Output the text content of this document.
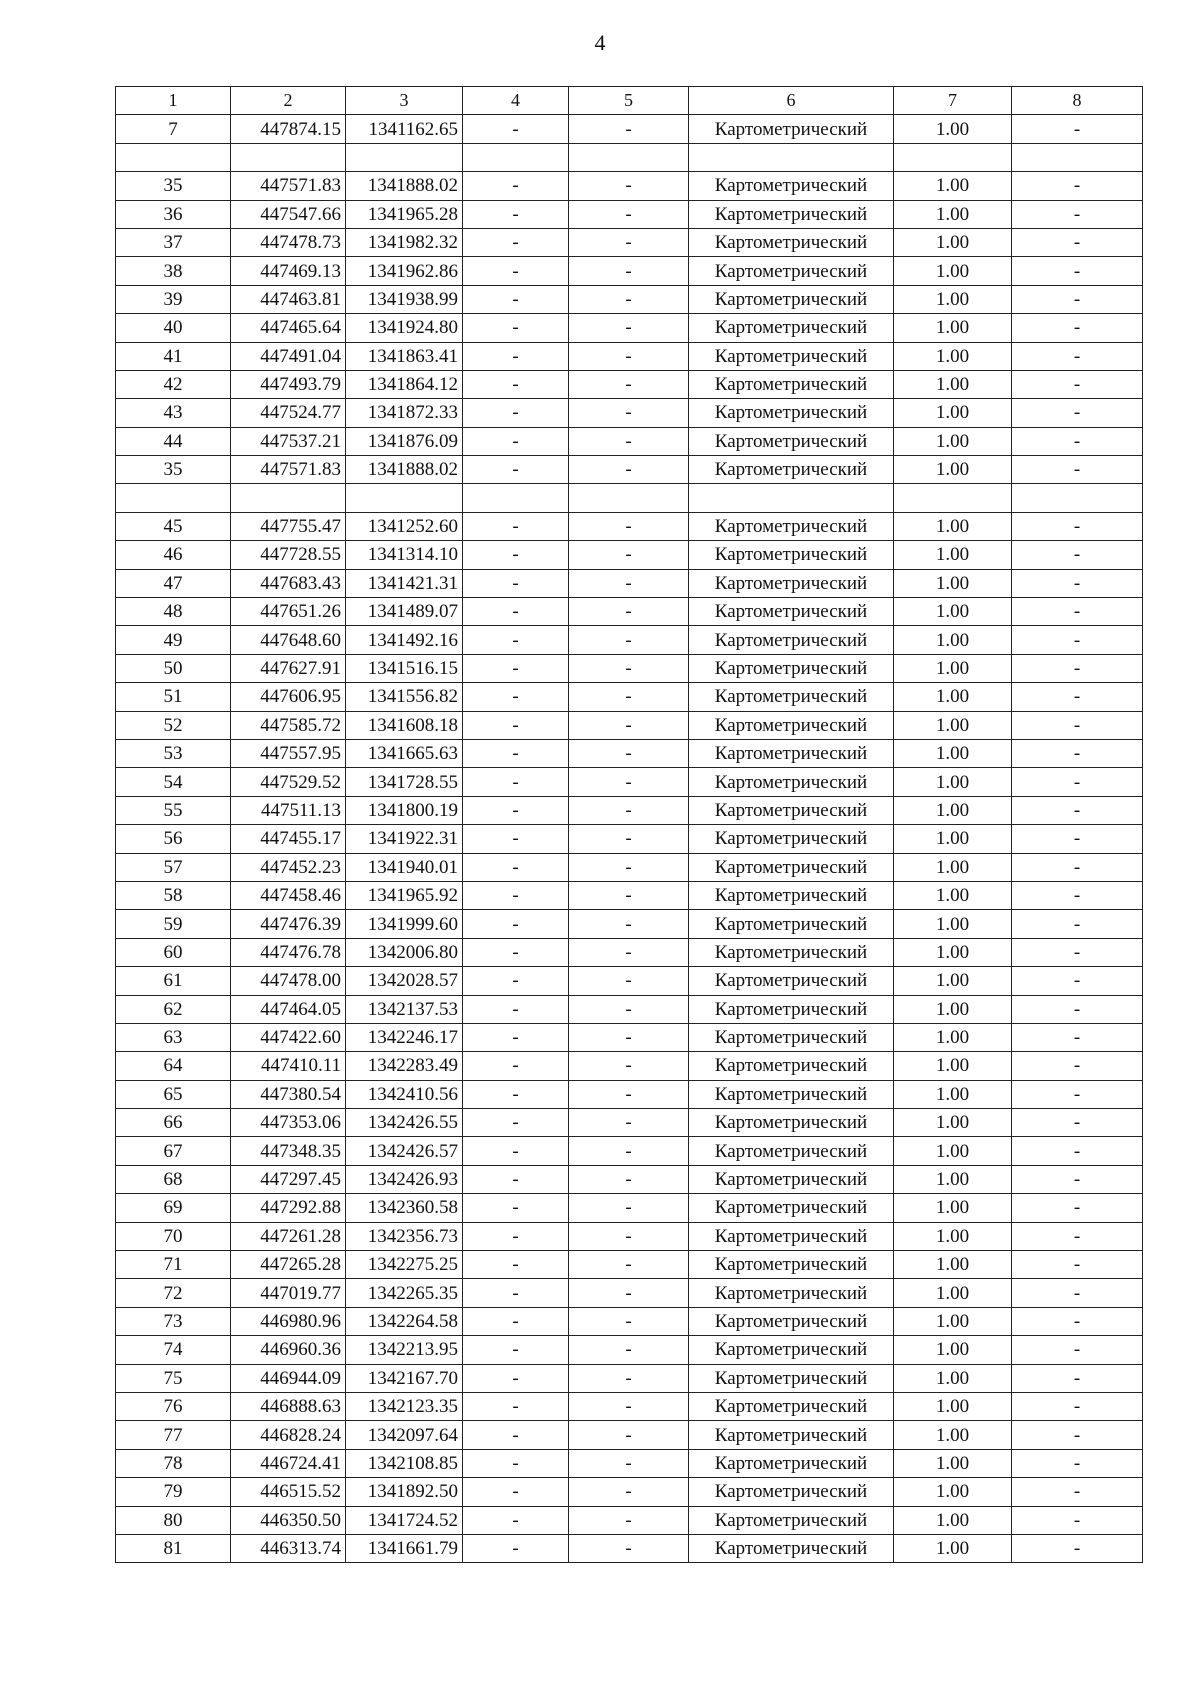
4
1	2	3	4	5	6	7	8
7	447874.15	1341162.65	-	-	Картометрический	1.00	-

35	447571.83	1341888.02	-	-	Картометрический	1.00	-
36	447547.66	1341965.28	-	-	Картометрический	1.00	-
37	447478.73	1341982.32	-	-	Картометрический	1.00	-
38	447469.13	1341962.86	-	-	Картометрический	1.00	-
39	447463.81	1341938.99	-	-	Картометрический	1.00	-
40	447465.64	1341924.80	-	-	Картометрический	1.00	-
41	447491.04	1341863.41	-	-	Картометрический	1.00	-
42	447493.79	1341864.12	-	-	Картометрический	1.00	-
43	447524.77	1341872.33	-	-	Картометрический	1.00	-
44	447537.21	1341876.09	-	-	Картометрический	1.00	-
35	447571.83	1341888.02	-	-	Картометрический	1.00	-

45	447755.47	1341252.60	-	-	Картометрический	1.00	-
46	447728.55	1341314.10	-	-	Картометрический	1.00	-
47	447683.43	1341421.31	-	-	Картометрический	1.00	-
48	447651.26	1341489.07	-	-	Картометрический	1.00	-
49	447648.60	1341492.16	-	-	Картометрический	1.00	-
50	447627.91	1341516.15	-	-	Картометрический	1.00	-
51	447606.95	1341556.82	-	-	Картометрический	1.00	-
52	447585.72	1341608.18	-	-	Картометрический	1.00	-
53	447557.95	1341665.63	-	-	Картометрический	1.00	-
54	447529.52	1341728.55	-	-	Картометрический	1.00	-
55	447511.13	1341800.19	-	-	Картометрический	1.00	-
56	447455.17	1341922.31	-	-	Картометрический	1.00	-
57	447452.23	1341940.01	-	-	Картометрический	1.00	-
58	447458.46	1341965.92	-	-	Картометрический	1.00	-
59	447476.39	1341999.60	-	-	Картометрический	1.00	-
60	447476.78	1342006.80	-	-	Картометрический	1.00	-
61	447478.00	1342028.57	-	-	Картометрический	1.00	-
62	447464.05	1342137.53	-	-	Картометрический	1.00	-
63	447422.60	1342246.17	-	-	Картометрический	1.00	-
64	447410.11	1342283.49	-	-	Картометрический	1.00	-
65	447380.54	1342410.56	-	-	Картометрический	1.00	-
66	447353.06	1342426.55	-	-	Картометрический	1.00	-
67	447348.35	1342426.57	-	-	Картометрический	1.00	-
68	447297.45	1342426.93	-	-	Картометрический	1.00	-
69	447292.88	1342360.58	-	-	Картометрический	1.00	-
70	447261.28	1342356.73	-	-	Картометрический	1.00	-
71	447265.28	1342275.25	-	-	Картометрический	1.00	-
72	447019.77	1342265.35	-	-	Картометрический	1.00	-
73	446980.96	1342264.58	-	-	Картометрический	1.00	-
74	446960.36	1342213.95	-	-	Картометрический	1.00	-
75	446944.09	1342167.70	-	-	Картометрический	1.00	-
76	446888.63	1342123.35	-	-	Картометрический	1.00	-
77	446828.24	1342097.64	-	-	Картометрический	1.00	-
78	446724.41	1342108.85	-	-	Картометрический	1.00	-
79	446515.52	1341892.50	-	-	Картометрический	1.00	-
80	446350.50	1341724.52	-	-	Картометрический	1.00	-
81	446313.74	1341661.79	-	-	Картометрический	1.00	-
